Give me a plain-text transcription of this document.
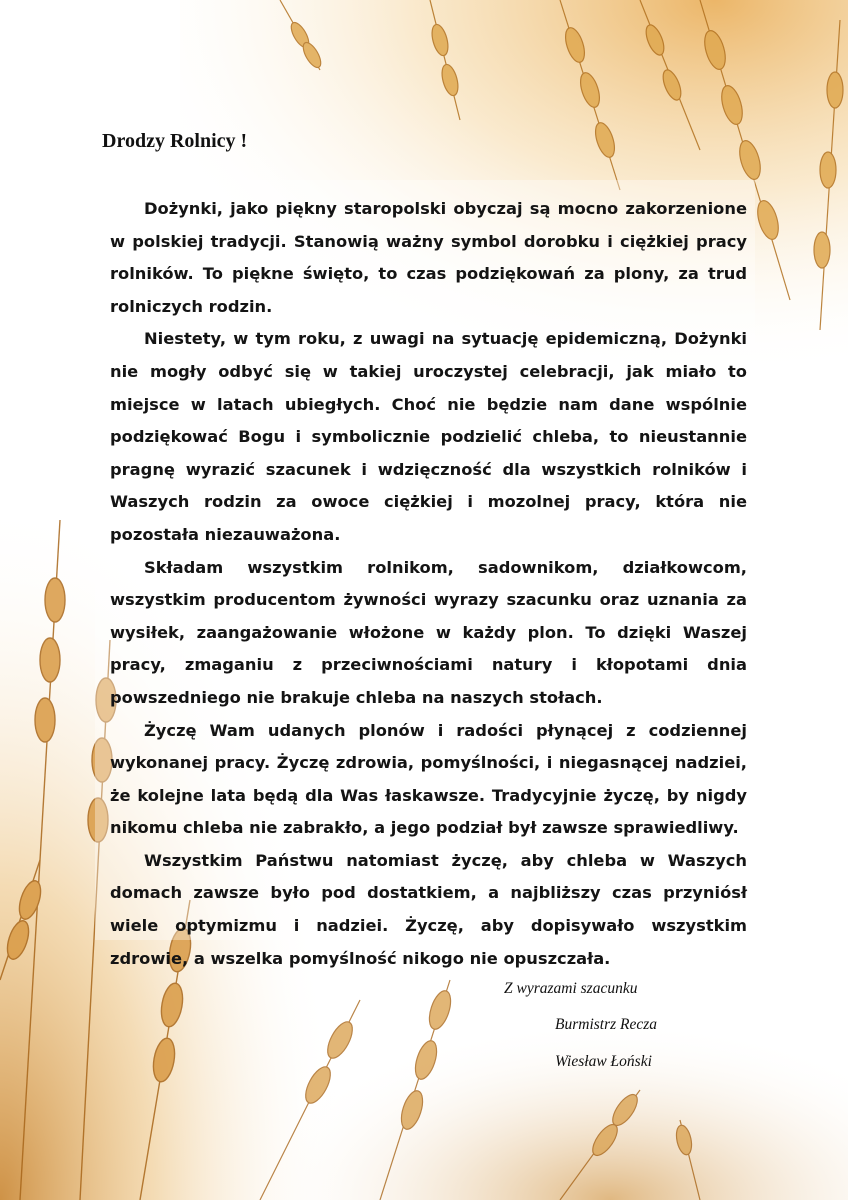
Drodzy Rolnicy !

Dożynki, jako piękny staropolski obyczaj są mocno zakorzenione w polskiej tradycji. Stanowią ważny symbol dorobku i ciężkiej pracy rolników. To piękne święto, to czas podziękowań za plony, za trud rolniczych rodzin.

Niestety, w tym roku, z uwagi na sytuację epidemiczną, Dożynki nie mogły odbyć się w takiej uroczystej celebracji, jak miało to miejsce w latach ubiegłych. Choć nie będzie nam dane wspólnie podziękować Bogu i symbolicznie podzielić chleba, to nieustannie pragnę wyrazić szacunek i wdzięczność dla wszystkich rolników i Waszych rodzin za owoce ciężkiej i mozolnej pracy, która nie pozostała niezauważona.

Składam wszystkim rolnikom, sadownikom, działkowcom, wszystkim producentom żywności wyrazy szacunku oraz uznania za wysiłek, zaangażowanie włożone w każdy plon. To dzięki Waszej pracy, zmaganiu z przeciwnościami natury i kłopotami dnia powszedniego nie brakuje chleba na naszych stołach.

Życzę Wam udanych plonów i radości płynącej z codziennej wykonanej pracy. Życzę zdrowia, pomyślności, i niegasnącej nadziei, że kolejne lata będą dla Was łaskawsze. Tradycyjnie życzę, by nigdy nikomu chleba nie zabrakło, a jego podział był zawsze sprawiedliwy.

Wszystkim Państwu natomiast życzę, aby chleba w Waszych domach zawsze było pod dostatkiem, a najbliższy czas przyniósł wiele optymizmu i nadziei. Życzę, aby dopisywało wszystkim zdrowie, a wszelka pomyślność nikogo nie opuszczała.

Z wyrazami szacunku

Burmistrz Recza

Wiesław Łoński
